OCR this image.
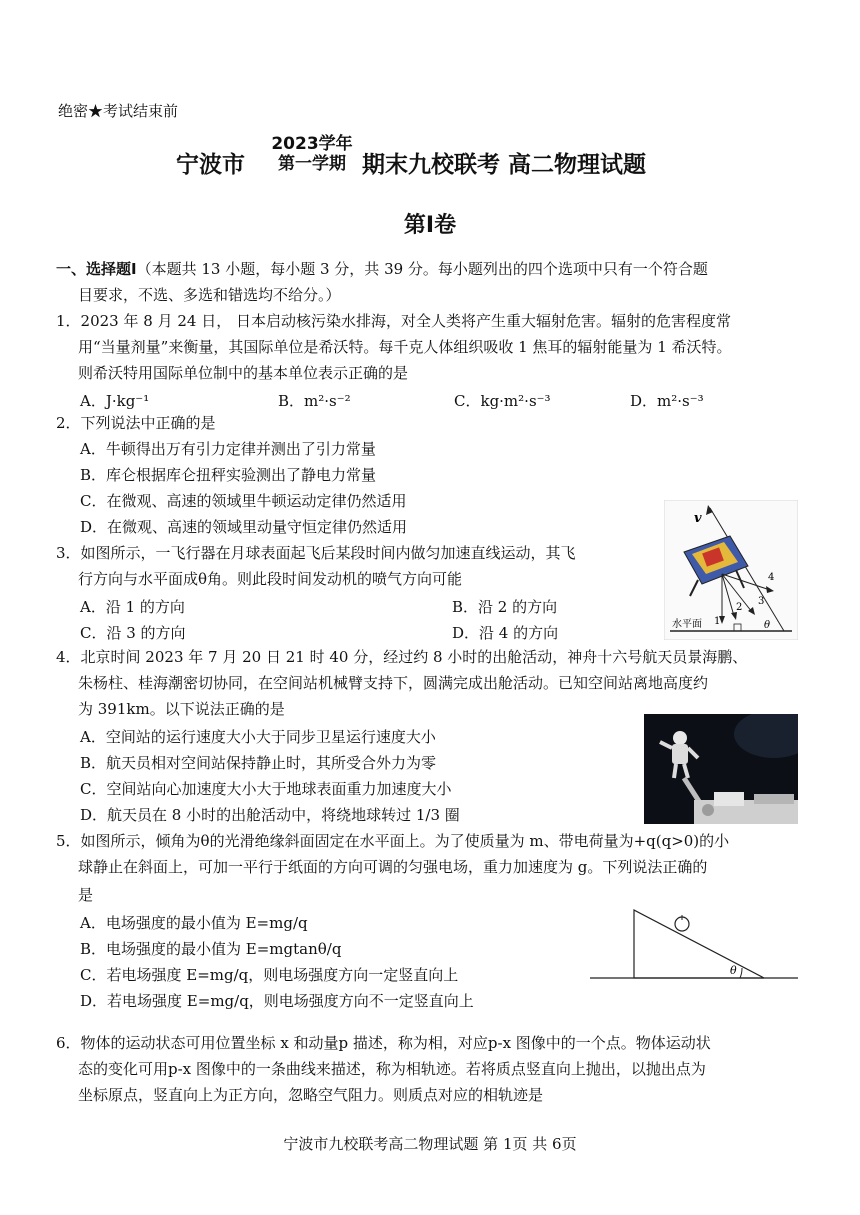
绝密★考试结束前
宁波市
2023学年
第一学期 期末九校联考 高二物理试题
第Ⅰ卷
一、选择题Ⅰ（本题共 13 小题，每小题 3 分，共 39 分。每小题列出的四个选项中只有一个符合题
目要求，不选、多选和错选均不给分。）
1．2023 年 8 月 24 日， 日本启动核污染水排海，对全人类将产生重大辐射危害。辐射的危害程度常
用“当量剂量”来衡量，其国际单位是希沃特。每千克人体组织吸收 1 焦耳的辐射能量为 1 希沃特。
则希沃特用国际单位制中的基本单位表示正确的是
A．J·kg⁻¹	B．m²·s⁻²	C．kg·m²·s⁻³	D．m²·s⁻³
2．下列说法中正确的是
A．牛顿得出万有引力定律并测出了引力常量
B．库仑根据库仑扭秤实验测出了静电力常量
C．在微观、高速的领域里牛顿运动定律仍然适用
D．在微观、高速的领域里动量守恒定律仍然适用
3．如图所示，一飞行器在月球表面起飞后某段时间内做匀加速直线运动，其飞
行方向与水平面成θ角。则此段时间发动机的喷气方向可能
A．沿 1 的方向	B．沿 2 的方向
C．沿 3 的方向	D．沿 4 的方向
v
1
2
3
4
水平面	θ
4．北京时间 2023 年 7 月 20 日 21 时 40 分，经过约 8 小时的出舱活动，神舟十六号航天员景海鹏、
朱杨柱、桂海潮密切协同，在空间站机械臂支持下，圆满完成出舱活动。已知空间站离地高度约
为 391km。以下说法正确的是
A．空间站的运行速度大小大于同步卫星运行速度大小
B．航天员相对空间站保持静止时，其所受合外力为零
C．空间站向心加速度大小大于地球表面重力加速度大小
D．航天员在 8 小时的出舱活动中，将绕地球转过 1/3 圈
5．如图所示，倾角为θ的光滑绝缘斜面固定在水平面上。为了使质量为 m、带电荷量为+q(q>0)的小
球静止在斜面上，可加一平行于纸面的方向可调的匀强电场，重力加速度为 g。下列说法正确的
是
A．电场强度的最小值为 E=mg/q
B．电场强度的最小值为 E=mgtanθ/q
C．若电场强度 E=mg/q，则电场强度方向一定竖直向上
D．若电场强度 E=mg/q，则电场强度方向不一定竖直向上
θ
6．物体的运动状态可用位置坐标 x 和动量p 描述，称为相，对应p-x 图像中的一个点。物体运动状
态的变化可用p-x 图像中的一条曲线来描述，称为相轨迹。若将质点竖直向上抛出，以抛出点为
坐标原点，竖直向上为正方向，忽略空气阻力。则质点对应的相轨迹是
宁波市九校联考高二物理试题 第 1页 共 6页
